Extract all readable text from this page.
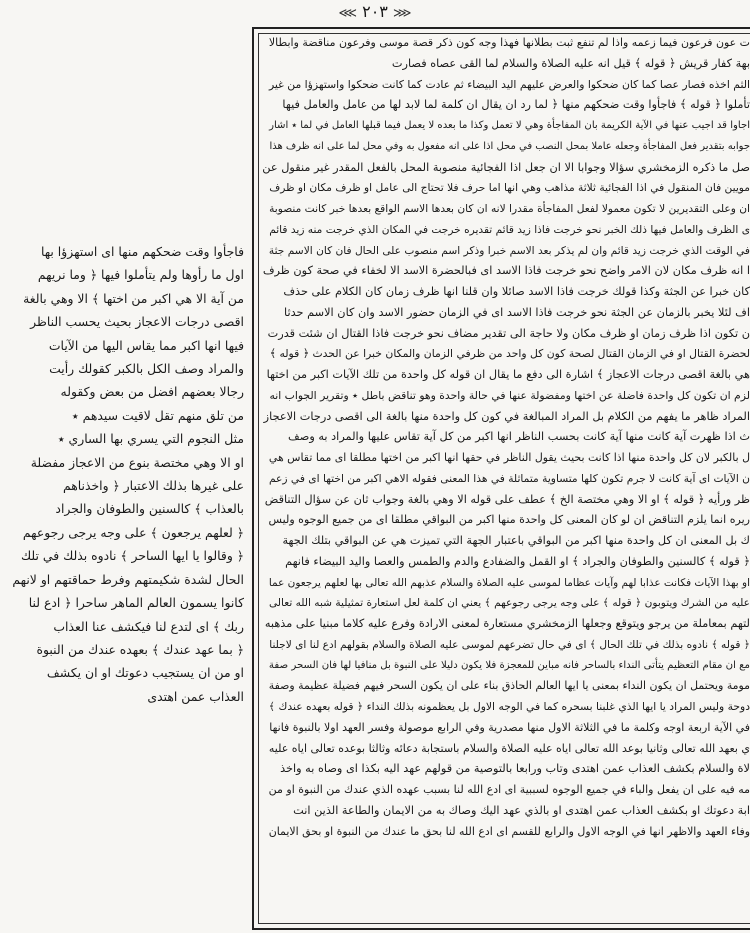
⋘ ٢٠٣ ⋙
ت عون فرعون فيما زعمه واذا لم تنفع ثبت بطلانها فهذا وجه كون ذكر قصة موسى وفرعون مناقضة وابطالا
بهة كفار قريش ﴿ قوله ﴾ قيل انه عليه الصلاة والسلام لما القى عصاه فصارت
الثم اخذه فصار عصا كما كان ضحكوا والعرض عليهم اليد البيضاء ثم عادت كما كانت ضحكوا واستهزؤا من غير
تأملوا ﴿ قوله ﴾ فاجأوا وقت ضحكهم منها ﴿ لما رد ان يقال ان كلمة لما لابد لها من عامل والعامل فيها
اجاوا قد اجيب عنها في الآية الكريمة بان المفاجأة وهي لا تعمل وكذا ما بعده لا يعمل فيما قبلها العامل في لما ٭ اشار
جوابه بتقدير فعل المفاجأة وجعله عاملا بمحل النصب في محل اذا على انه مفعول به وفي محل لما على انه ظرف هذا
صل ما ذكره الزمخشري سؤالا وجوابا الا ان جعل اذا الفجائية منصوبة المحل بالفعل المقدر غير منقول عن
مويين فان المنقول في اذا الفجائية ثلاثة مذاهب وهي انها اما حرف فلا تحتاج الى عامل او ظرف مكان او ظرف
ان وعلى التقديرين لا تكون معمولا لفعل المفاجأة مقدرا لانه ان كان بعدها الاسم الواقع بعدها خبر كانت منصوبة
ى الظرف والعامل فيها ذلك الخبر نحو خرجت فاذا زيد قائم تقديره خرجت في المكان الذي خرجت منه زيد قائم
في الوقت الذي خرجت زيد قائم وان لم يذكر بعد الاسم خبرا وذكر اسم منصوب على الحال فان كان الاسم جثة
ا انه ظرف مكان لان الامر واضح نحو خرجت فاذا الاسد اى فبالحضرة الاسد الا لخفاء في صحة كون ظرف
كان خبرا عن الجثة وكذا قولك خرجت فاذا الاسد صائلا وان قلنا انها ظرف زمان كان الكلام على حذف
اف لئلا يخبر بالزمان عن الجثة نحو خرجت فاذا الاسد اى في الزمان حضور الاسد وان كان الاسم حدثا
ن تكون اذا ظرف زمان او ظرف مكان ولا حاجة الى تقدير مضاف نحو خرجت فاذا القتال ان شئت قدرت
لحضرة القتال او في الزمان القتال لصحة كون كل واحد من ظرفي الزمان والمكان خبرا عن الحدث ﴿ قوله ﴾
هي بالغة اقصى درجات الاعجاز ﴾ اشارة الى دفع ما يقال ان قوله كل واحدة من تلك الآيات اكبر من اختها
لزم ان تكون كل واحدة فاضلة عن اختها ومفضولة عنها في حالة واحدة وهو تناقض باطل ٭ وتقرير الجواب انه
المراد ظاهر ما يفهم من الكلام بل المراد المبالغة في كون كل واحدة منها بالغة الى اقصى درجات الاعجاز
ث اذا ظهرت آية كانت منها آية كانت بحسب الناظر انها اكبر من كل آية تقاس عليها والمراد به وصف
ل بالكبر لان كل واحدة منها اذا كانت بحيث يقول الناظر في حقها انها اكبر من اختها مطلقا اى مما تقاس هي
ن الآيات اى آية كانت لا جرم تكون كلها متساوية متماثلة في هذا المعنى فقوله الاهي اكبر من اختها اى في زعم
ظر ورأيه ﴿ قوله ﴾ او الا وهي مختصة الخ ﴾ عطف على قوله الا وهي بالغة وجواب ثان عن سؤال التناقض
ريره انما يلزم التناقض ان لو كان المعنى كل واحدة منها اكبر من البواقي مطلقا اى من جميع الوجوه وليس
ك بل المعنى ان كل واحدة منها اكبر من البواقي باعتبار الجهة التي تميزت هي عن البواقي بتلك الجهة
﴿ قوله ﴾ كالسنين والطوفان والجراد ﴾ او القمل والضفادع والدم والطمس والعصا واليد البيضاء فانهم
او بهذا الآيات فكانت عذابا لهم وآيات عظاما لموسى عليه الصلاة والسلام عذبهم الله تعالى بها لعلهم يرجعون عما
عليه من الشرك ويتوبون ﴿ قوله ﴾ على وجه يرجى رجوعهم ﴾ يعني ان كلمة لعل استعارة تمثيلية شبه الله تعالى
لتهم بمعاملة من يرجو ويتوقع وجعلها الزمخشري مستعارة لمعنى الارادة وفرع عليه كلاما مبنيا على مذهبه
﴿ قوله ﴾ نادوه بذلك في تلك الحال ﴾ اى في حال تضرعهم لموسى عليه الصلاة والسلام بقولهم ادع لنا اى لاجلنا
مع ان مقام التعظيم يتأتى النداء بالساحر فانه مباين للمعجزة فلا يكون دليلا على النبوة بل منافيا لها فان السحر صفة
مومة ويحتمل ان يكون النداء بمعنى يا ايها العالم الحاذق بناء على ان يكون السحر فيهم فضيلة عظيمة وصفة
دوحة وليس المراد يا ايها الذي غلبنا بسحره كما في الوجه الاول بل يعظمونه بذلك النداء ﴿ قوله بعهده عندك ﴾
في الآية اربعة اوجه وكلمة ما في الثلاثة الاول منها مصدرية وفي الرابع موصولة وفسر العهد اولا بالنبوة فانها
ي بعهد الله تعالى وثانيا بوعد الله تعالى اياه عليه الصلاة والسلام باستجابة دعائه وثالثا بوعده تعالى اياه عليه
لاة والسلام بكشف العذاب عمن اهتدى وتاب ورابعا بالتوصية من قولهم عهد اليه بكذا اى وصاه به واخذ
مه فيه على ان يفعل والباء في جميع الوجوه لسببية اى ادع الله لنا بسبب عهده الذي عندك من النبوة او من
ابة دعوتك او بكشف العذاب عمن اهتدى او بالذي عهد اليك وصاك به من الايمان والطاعة الذين انت
وفاء العهد والاظهر انها في الوجه الاول والرابع للقسم اى ادع الله لنا بحق ما عندك من النبوة او بحق الايمان
فاجأوا وقت ضحكهم منها اى استهزؤا بها
اول ما رأوها ولم يتأملوا فيها ﴿ وما نريهم
من آية الا هي اكبر من اختها ﴾ الا وهي بالغة
اقصى درجات الاعجاز بحيث يحسب الناظر
فيها انها اكبر مما يقاس اليها من الآيات
والمراد وصف الكل بالكبر كقولك رأيت
رجالا بعضهم افضل من بعض وكقوله
من تلق منهم تقل لاقيت سيدهم ٭
مثل النجوم التي يسري بها الساري ٭
او الا وهي مختصة بنوع من الاعجاز مفضلة
على غيرها بذلك الاعتبار ﴿ واخذناهم
بالعذاب ﴾ كالسنين والطوفان والجراد
﴿ لعلهم يرجعون ﴾ على وجه يرجى رجوعهم
﴿ وقالوا يا ايها الساحر ﴾ نادوه بذلك في تلك
الحال لشدة شكيمتهم وفرط حماقتهم او لانهم
كانوا يسمون العالم الماهر ساحرا ﴿ ادع لنا
ربك ﴾ اى لتدع لنا فيكشف عنا العذاب
﴿ بما عهد عندك ﴾ بعهده عندك من النبوة
او من ان يستجيب دعوتك او ان يكشف
العذاب عمن اهتدى
